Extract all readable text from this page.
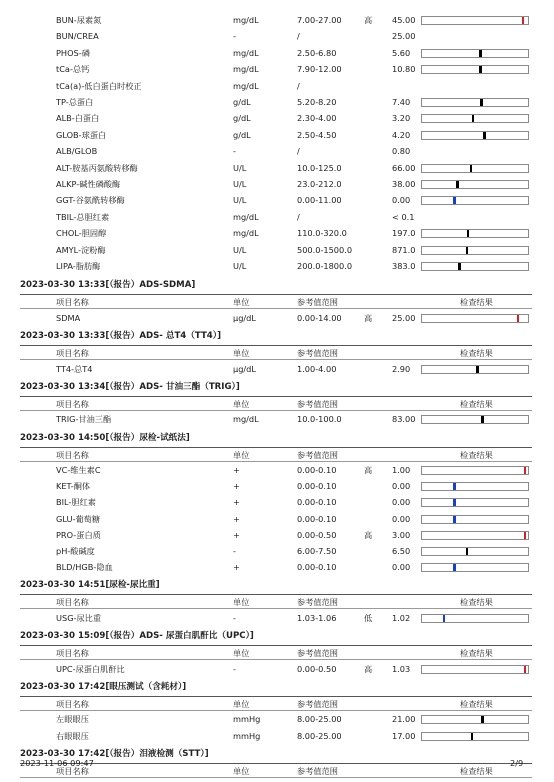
BUN-尿素氮	mg/dL	7.00-27.00	高 45.00
BUN/CREA	-	/	25.00
PHOS-磷	mg/dL	2.50-6.80	5.60
tCa-总钙	mg/dL	7.90-12.00	10.80
tCa(a)-低白蛋白时校正	mg/dL	/
TP-总蛋白	g/dL	5.20-8.20	7.40
ALB-白蛋白	g/dL	2.30-4.00	3.20
GLOB-球蛋白	g/dL	2.50-4.50	4.20
ALB/GLOB	-	/	0.80
ALT-胺基丙氨酸转移酶	U/L	10.0-125.0	66.00
ALKP-碱性磷酸酶	U/L	23.0-212.0	38.00
GGT-谷氨酰转移酶	U/L	0.00-11.00	0.00
TBIL-总胆红素	mg/dL	/	< 0.1
CHOL-胆固醇	mg/dL	110.0-320.0	197.0
AMYL-淀粉酶	U/L	500.0-1500.0	871.0
LIPA-脂肪酶	U/L	200.0-1800.0	383.0
2023-03-30 13:33[（报告）ADS-SDMA]
项目名称	单位	参考值范围	检查结果
SDMA	μg/dL	0.00-14.00	高 25.00
2023-03-30 13:33[（报告）ADS- 总T4（TT4）]
项目名称	单位	参考值范围	检查结果
TT4-总T4	μg/dL	1.00-4.00	2.90
2023-03-30 13:34[（报告）ADS- 甘油三酯（TRIG）]
项目名称	单位	参考值范围	检查结果
TRIG-甘油三酯	mg/dL	10.0-100.0	83.00
2023-03-30 14:50[（报告）尿检-试纸法]
项目名称	单位	参考值范围	检查结果
VC-维生素C	+	0.00-0.10	高 1.00
KET-酮体	+	0.00-0.10	0.00
BIL-胆红素	+	0.00-0.10	0.00
GLU-葡萄糖	+	0.00-0.10	0.00
PRO-蛋白质	+	0.00-0.50	高 3.00
pH-酸碱度	-	6.00-7.50	6.50
BLD/HGB-隐血	+	0.00-0.10	0.00
2023-03-30 14:51[尿检-尿比重]
项目名称	单位	参考值范围	检查结果
USG-尿比重	-	1.03-1.06	低 1.02
2023-03-30 15:09[（报告）ADS- 尿蛋白肌酐比（UPC）]
项目名称	单位	参考值范围	检查结果
UPC-尿蛋白肌酐比	-	0.00-0.50	高 1.03
2023-03-30 17:42[眼压测试（含耗材）]
项目名称	单位	参考值范围	检查结果
左眼眼压	mmHg	8.00-25.00	21.00
右眼眼压	mmHg	8.00-25.00	17.00
2023-03-30 17:42[（报告）泪液检测（STT）]
项目名称	单位	参考值范围	检查结果
2023-11-06 09:47	2/9
